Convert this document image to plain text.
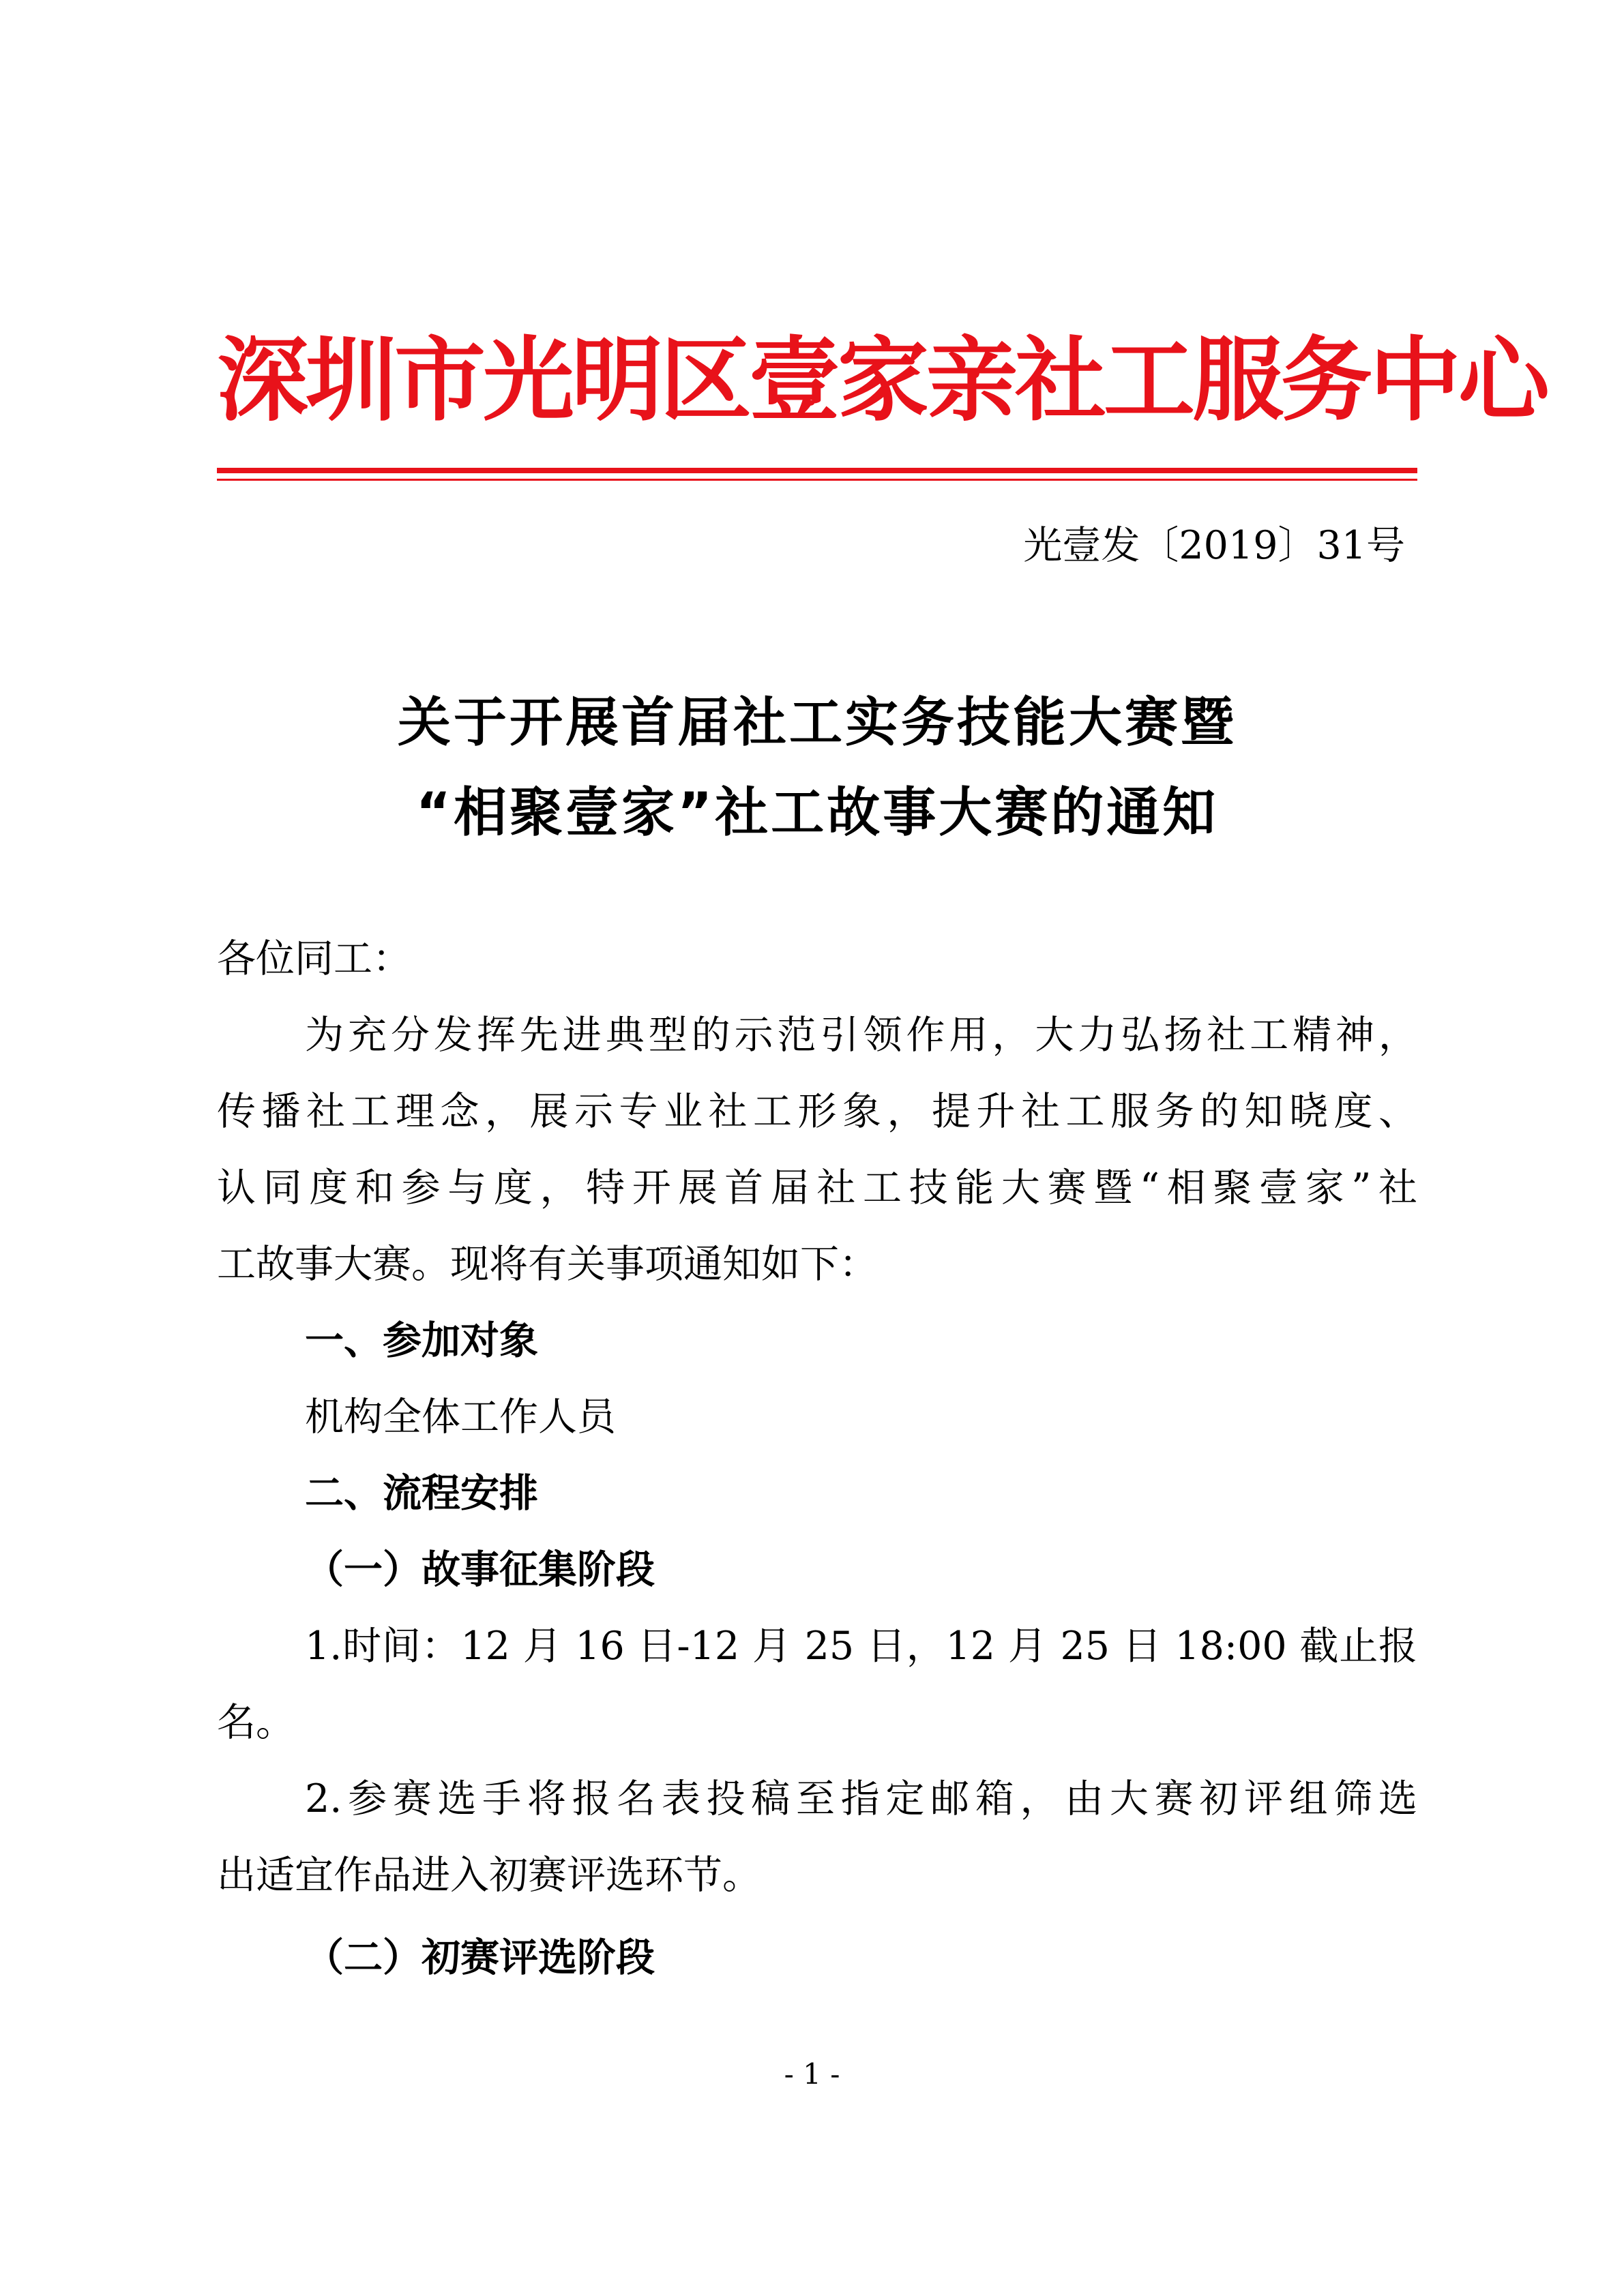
深圳市光明区壹家亲社工服务中心
光壹发〔2019〕31号
关于开展首届社工实务技能大赛暨
“相聚壹家”社工故事大赛的通知

各位同工：

为充分发挥先进典型的示范引领作用，大力弘扬社工精神，

传播社工理念，展示专业社工形象，提升社工服务的知晓度、

认同度和参与度，特开展首届社工技能大赛暨“相聚壹家”社

工故事大赛。现将有关事项通知如下：

一、参加对象

机构全体工作人员

二、流程安排

（一）故事征集阶段

1.时间：12 月 16 日-12 月 25 日，12 月 25 日 18:00 截止报

名。

2.参赛选手将报名表投稿至指定邮箱，由大赛初评组筛选

出适宜作品进入初赛评选环节。

（二）初赛评选阶段

- 1 -
